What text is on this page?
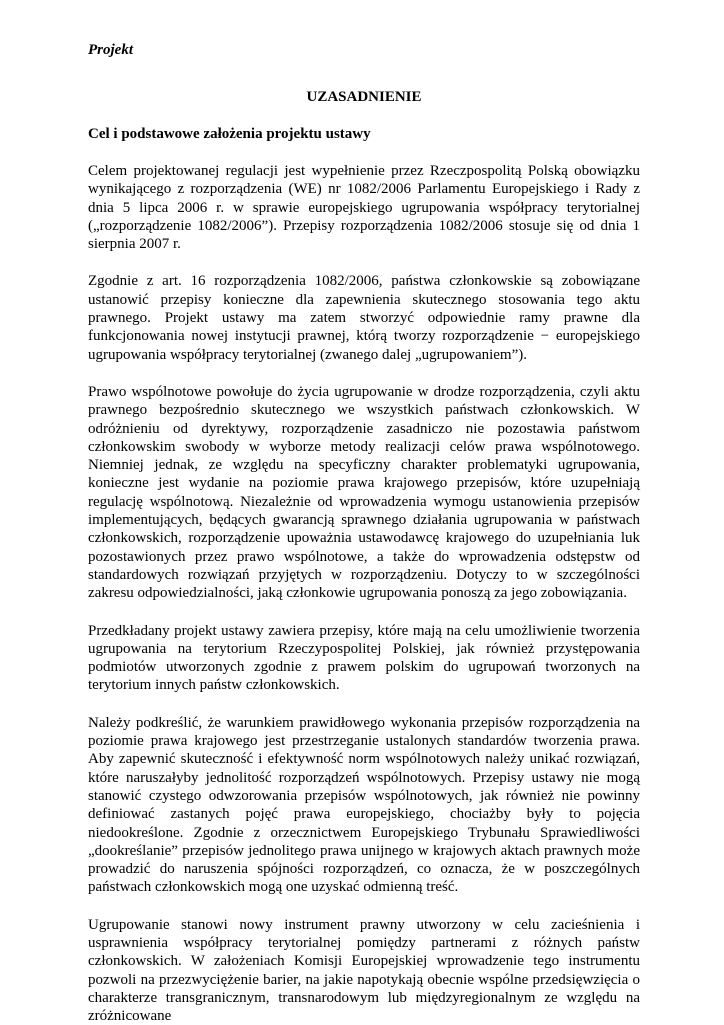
Projekt

UZASADNIENIE

Cel i podstawowe założenia projektu ustawy

Celem projektowanej regulacji jest wypełnienie przez Rzeczpospolitą Polską obowiązku wynikającego z rozporządzenia (WE) nr 1082/2006 Parlamentu Europejskiego i Rady z dnia 5 lipca 2006 r. w sprawie europejskiego ugrupowania współpracy terytorialnej („rozporządzenie 1082/2006”). Przepisy rozporządzenia 1082/2006 stosuje się od dnia 1 sierpnia 2007 r.

Zgodnie z art. 16 rozporządzenia 1082/2006, państwa członkowskie są zobowiązane ustanowić przepisy konieczne dla zapewnienia skutecznego stosowania tego aktu prawnego. Projekt ustawy ma zatem stworzyć odpowiednie ramy prawne dla funkcjonowania nowej instytucji prawnej, którą tworzy rozporządzenie − europejskiego ugrupowania współpracy terytorialnej (zwanego dalej „ugrupowaniem”).

Prawo wspólnotowe powołuje do życia ugrupowanie w drodze rozporządzenia, czyli aktu prawnego bezpośrednio skutecznego we wszystkich państwach członkowskich. W odróżnieniu od dyrektywy, rozporządzenie zasadniczo nie pozostawia państwom członkowskim swobody w wyborze metody realizacji celów prawa wspólnotowego. Niemniej jednak, ze względu na specyficzny charakter problematyki ugrupowania, konieczne jest wydanie na poziomie prawa krajowego przepisów, które uzupełniają regulację wspólnotową. Niezależnie od wprowadzenia wymogu ustanowienia przepisów implementujących, będących gwarancją sprawnego działania ugrupowania w państwach członkowskich, rozporządzenie upoważnia ustawodawcę krajowego do uzupełniania luk pozostawionych przez prawo wspólnotowe, a także do wprowadzenia odstępstw od standardowych rozwiązań przyjętych w rozporządzeniu. Dotyczy to w szczególności zakresu odpowiedzialności, jaką członkowie ugrupowania ponoszą za jego zobowiązania.

Przedkładany projekt ustawy zawiera przepisy, które mają na celu umożliwienie tworzenia ugrupowania na terytorium Rzeczypospolitej Polskiej, jak również przystępowania podmiotów utworzonych zgodnie z prawem polskim do ugrupowań tworzonych na terytorium innych państw członkowskich.

Należy podkreślić, że warunkiem prawidłowego wykonania przepisów rozporządzenia na poziomie prawa krajowego jest przestrzeganie ustalonych standardów tworzenia prawa. Aby zapewnić skuteczność i efektywność norm wspólnotowych należy unikać rozwiązań, które naruszałyby jednolitość rozporządzeń wspólnotowych. Przepisy ustawy nie mogą stanowić czystego odwzorowania przepisów wspólnotowych, jak również nie powinny definiować zastanych pojęć prawa europejskiego, chociażby były to pojęcia niedookreślone. Zgodnie z orzecznictwem Europejskiego Trybunału Sprawiedliwości „dookreślanie” przepisów jednolitego prawa unijnego w krajowych aktach prawnych może prowadzić do naruszenia spójności rozporządzeń, co oznacza, że w poszczególnych państwach członkowskich mogą one uzyskać odmienną treść.

Ugrupowanie stanowi nowy instrument prawny utworzony w celu zacieśnienia i usprawnienia współpracy terytorialnej pomiędzy partnerami z różnych państw członkowskich. W założeniach Komisji Europejskiej wprowadzenie tego instrumentu pozwoli na przezwyciężenie barier, na jakie napotykają obecnie wspólne przedsięwzięcia o charakterze transgranicznym, transnarodowym lub międzyregionalnym ze względu na zróżnicowane
